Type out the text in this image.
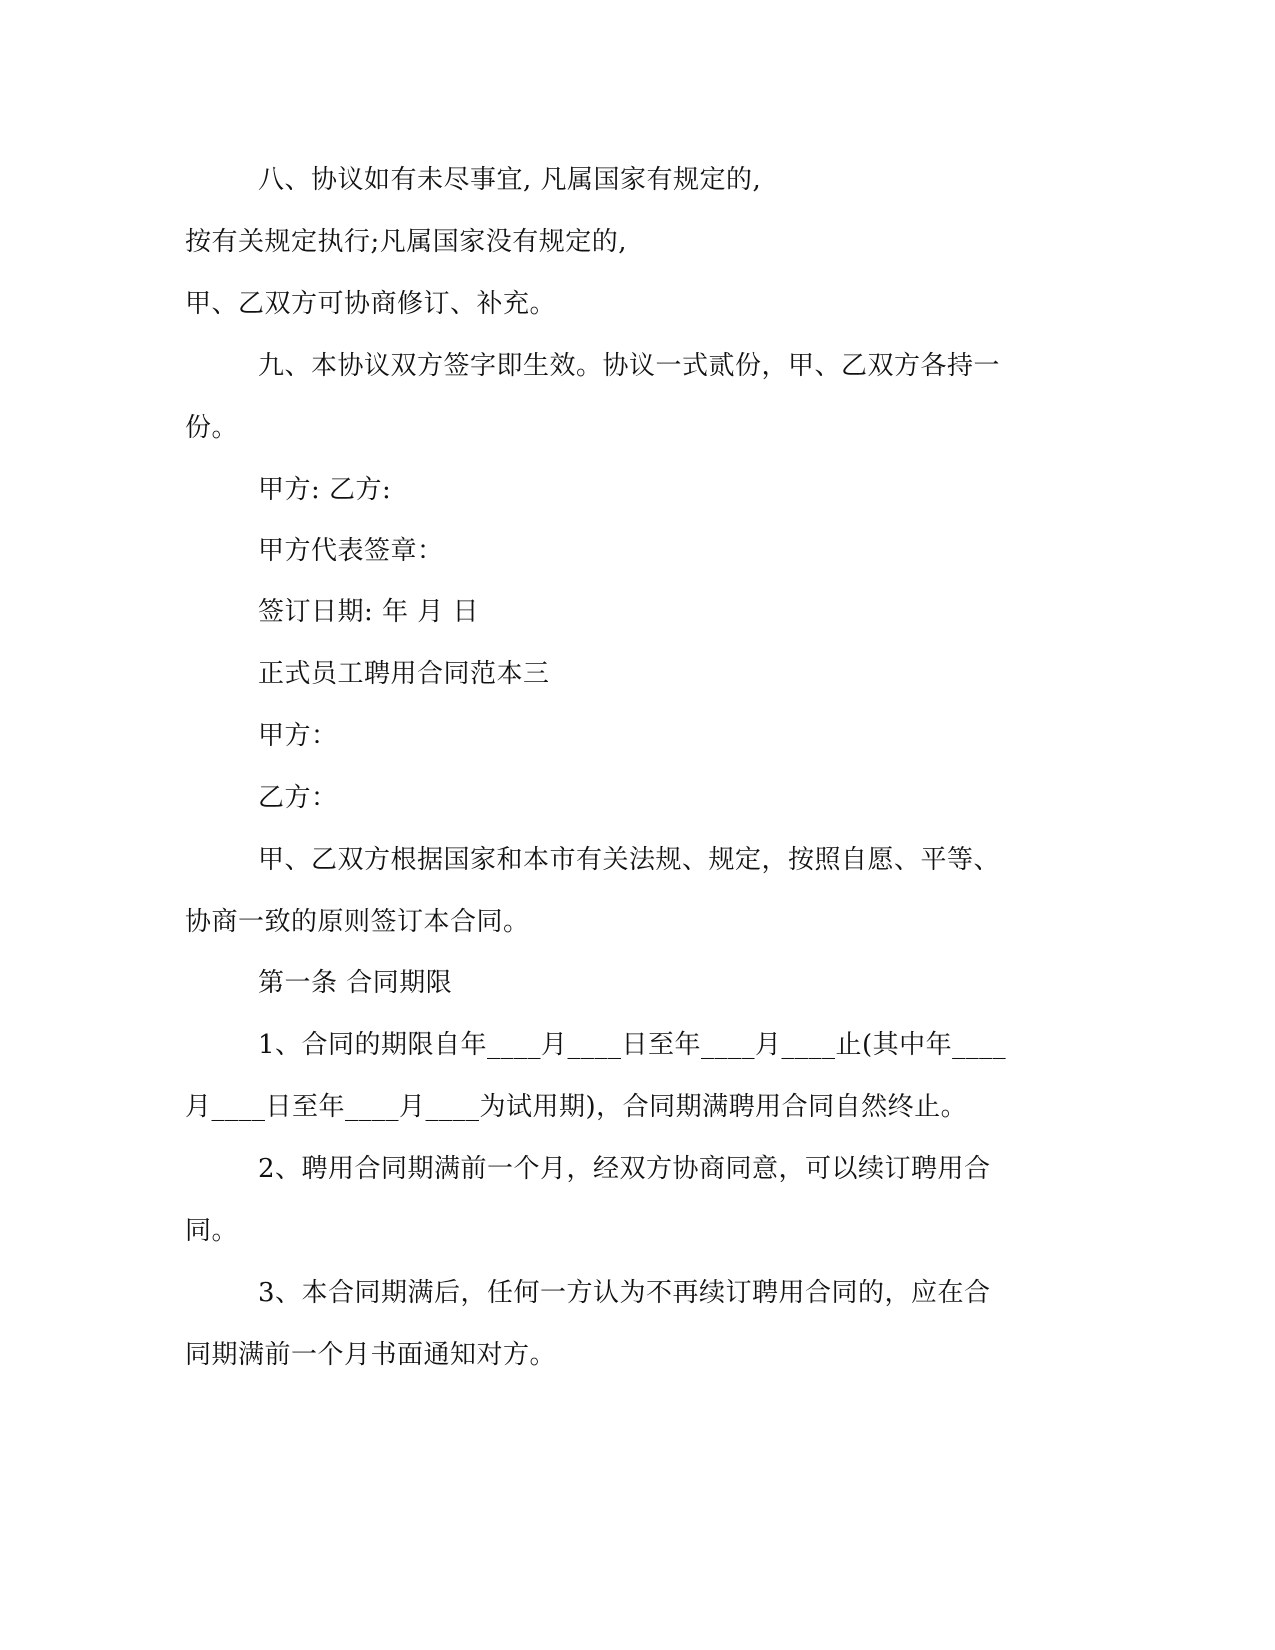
八、协议如有未尽事宜, 凡属国家有规定的,
按有关规定执行;凡属国家没有规定的,
甲、乙双方可协商修订、补充。
九、本协议双方签字即生效。协议一式贰份，甲、乙双方各持一
份。
甲方: 乙方:
甲方代表签章：
签订日期: 年 月 日
正式员工聘用合同范本三
甲方：
乙方：
甲、乙双方根据国家和本市有关法规、规定，按照自愿、平等、
协商一致的原则签订本合同。
第一条 合同期限
1、合同的期限自年____月____日至年____月____止(其中年____
月____日至年____月____为试用期)，合同期满聘用合同自然终止。
2、聘用合同期满前一个月，经双方协商同意，可以续订聘用合
同。
3、本合同期满后，任何一方认为不再续订聘用合同的，应在合
同期满前一个月书面通知对方。
